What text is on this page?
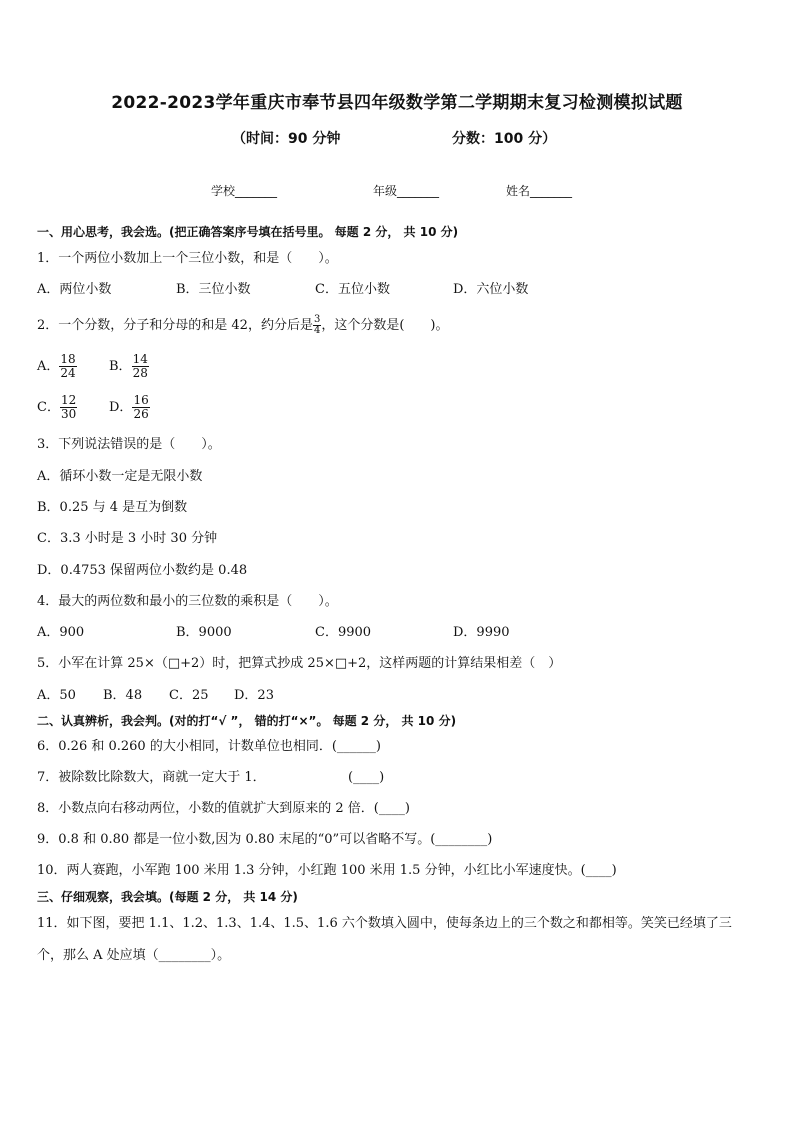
2022-2023学年重庆市奉节县四年级数学第二学期期末复习检测模拟试题
（时间：90 分钟	分数：100 分）
学校_______	年级_______	姓名_______
一、用心思考，我会选。(把正确答案序号填在括号里。 每题 2 分， 共 10 分)
1．一个两位小数加上一个三位小数，和是（　　）。
A．两位小数	B．三位小数	C．五位小数	D．六位小数
2．一个分数，分子和分母的和是 42，约分后是 $\frac{3}{4}$ ，这个分数是(　　)。
A． $\frac{18}{24}$ B． $\frac{14}{28}$
C． $\frac{12}{30}$ D． $\frac{16}{26}$
3．下列说法错误的是（　　）。
A．循环小数一定是无限小数
B．0.25 与 4 是互为倒数
C．3.3 小时是 3 小时 30 分钟
D．0.4753 保留两位小数约是 0.48
4．最大的两位数和最小的三位数的乘积是（　　）。
A．900	B．9000	C．9900	D．9990
5．小军在计算 25×（□+2）时，把算式抄成 25×□+2，这样两题的计算结果相差（　）
A．50 B．48 C．25 D．23
二、认真辨析，我会判。(对的打“√ ”， 错的打“×”。 每题 2 分， 共 10 分)
6．0.26 和 0.260 的大小相同，计数单位也相同．(______)
7．被除数比除数大，商就一定大于 1．	(____)
8．小数点向右移动两位，小数的值就扩大到原来的 2 倍．(____)
9．0.8 和 0.80 都是一位小数,因为 0.80 末尾的“0”可以省略不写。(________)
10．两人赛跑，小军跑 100 米用 1.3 分钟，小红跑 100 米用 1.5 分钟，小红比小军速度快。(____)
三、仔细观察，我会填。(每题 2 分， 共 14 分)
11．如下图，要把 1.1、1.2、1.3、1.4、1.5、1.6 六个数填入圆中，使每条边上的三个数之和都相等。笑笑已经填了三
个，那么 A 处应填（________）。
